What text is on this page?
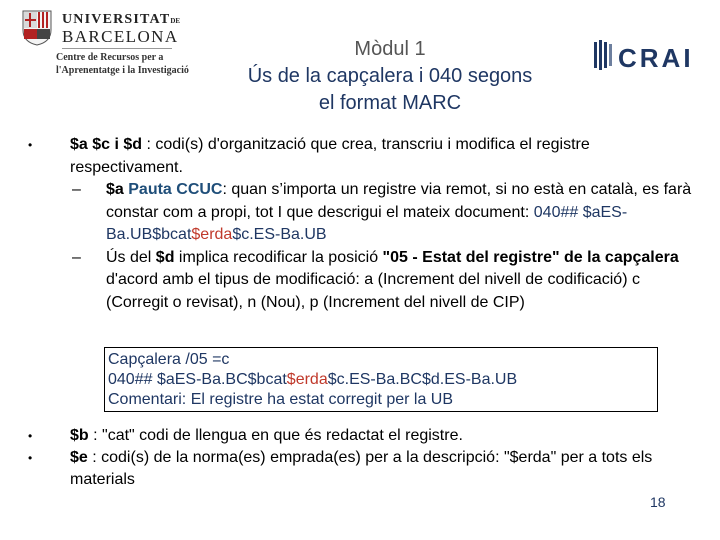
UNIVERSITATDE
BARCELONA
Centre de Recursos per a
l'Aprenentatge i la Investigació
Mòdul 1
Ús de la capçalera i 040 segons
el format MARC
CRAI
• $a $c i $d : codi(s) d'organització que crea, transcriu i modifica el registre respectivament.
– $a Pauta CCUC: quan s’importa un registre via remot, si no està en català, es farà constar com a propi, tot I que descrigui el mateix document: 040## $aES-Ba.UB$bcat$erda$c.ES-Ba.UB
– Ús del $d implica recodificar la posició "05 - Estat del registre" de la capçalera d'acord amb el tipus de modificació: a (Increment del nivell de codificació) c (Corregit o revisat), n (Nou), p (Increment del nivell de CIP)
Capçalera /05 =c
040## $aES-Ba.BC$bcat$erda$c.ES-Ba.BC$d.ES-Ba.UB
Comentari: El registre ha estat corregit per la UB
• $b : "cat" codi de llengua en que és redactat el registre.
• $e : codi(s) de la norma(es) emprada(es) per a la descripció: "$erda" per a tots els materials
18
